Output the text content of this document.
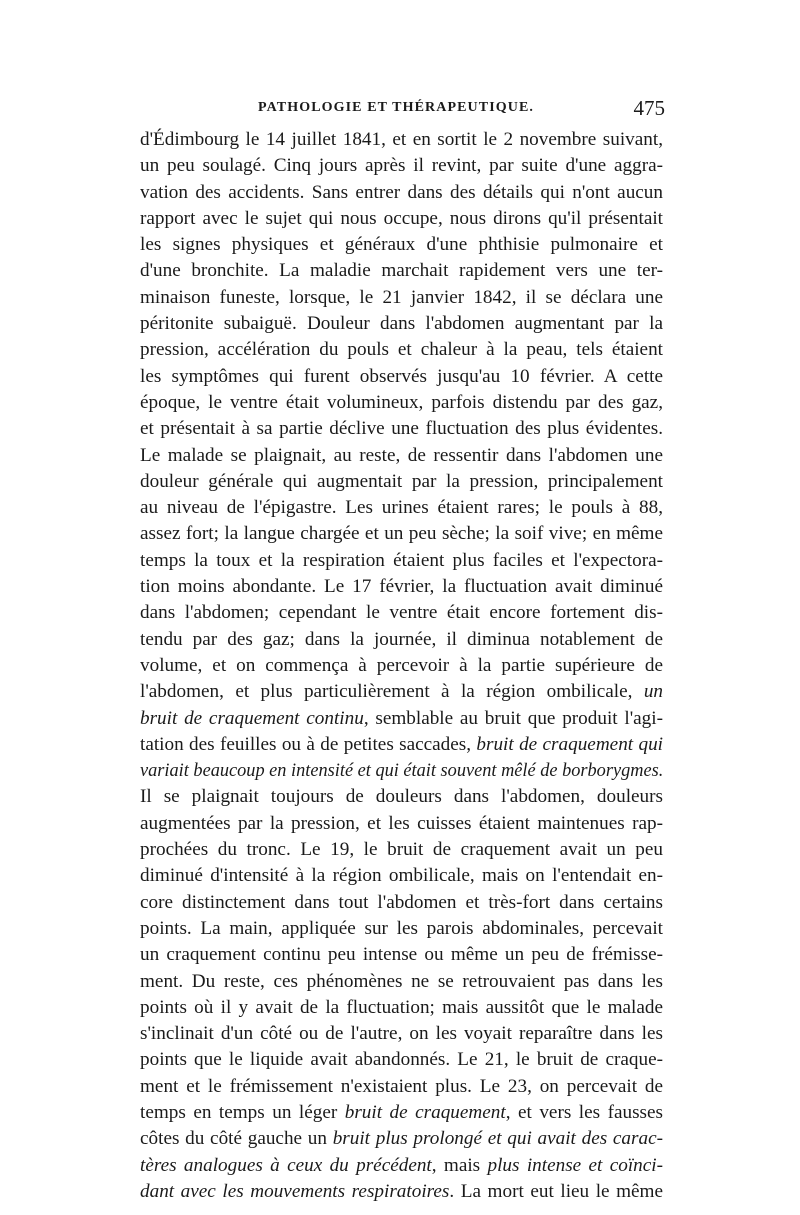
PATHOLOGIE ET THÉRAPEUTIQUE.	475
d'Édimbourg le 14 juillet 1841, et en sortit le 2 novembre suivant,
un peu soulagé. Cinq jours après il revint, par suite d'une aggra-
vation des accidents. Sans entrer dans des détails qui n'ont aucun
rapport avec le sujet qui nous occupe, nous dirons qu'il présentait
les signes physiques et généraux d'une phthisie pulmonaire et
d'une bronchite. La maladie marchait rapidement vers une ter-
minaison funeste, lorsque, le 21 janvier 1842, il se déclara une
péritonite subaiguë. Douleur dans l'abdomen augmentant par la
pression, accélération du pouls et chaleur à la peau, tels étaient
les symptômes qui furent observés jusqu'au 10 février. A cette
époque, le ventre était volumineux, parfois distendu par des gaz,
et présentait à sa partie déclive une fluctuation des plus évidentes.
Le malade se plaignait, au reste, de ressentir dans l'abdomen une
douleur générale qui augmentait par la pression, principalement
au niveau de l'épigastre. Les urines étaient rares; le pouls à 88,
assez fort; la langue chargée et un peu sèche; la soif vive; en même
temps la toux et la respiration étaient plus faciles et l'expectora-
tion moins abondante. Le 17 février, la fluctuation avait diminué
dans l'abdomen; cependant le ventre était encore fortement dis-
tendu par des gaz; dans la journée, il diminua notablement de
volume, et on commença à percevoir à la partie supérieure de
l'abdomen, et plus particulièrement à la région ombilicale, un
bruit de craquement continu, semblable au bruit que produit l'agi-
tation des feuilles ou à de petites saccades, bruit de craquement qui
variait beaucoup en intensité et qui était souvent mêlé de borborygmes.
Il se plaignait toujours de douleurs dans l'abdomen, douleurs
augmentées par la pression, et les cuisses étaient maintenues rap-
prochées du tronc. Le 19, le bruit de craquement avait un peu
diminué d'intensité à la région ombilicale, mais on l'entendait en-
core distinctement dans tout l'abdomen et très-fort dans certains
points. La main, appliquée sur les parois abdominales, percevait
un craquement continu peu intense ou même un peu de frémisse-
ment. Du reste, ces phénomènes ne se retrouvaient pas dans les
points où il y avait de la fluctuation; mais aussitôt que le malade
s'inclinait d'un côté ou de l'autre, on les voyait reparaître dans les
points que le liquide avait abandonnés. Le 21, le bruit de craque-
ment et le frémissement n'existaient plus. Le 23, on percevait de
temps en temps un léger bruit de craquement, et vers les fausses
côtes du côté gauche un bruit plus prolongé et qui avait des carac-
tères analogues à ceux du précédent, mais plus intense et coïnci-
dant avec les mouvements respiratoires. La mort eut lieu le même
